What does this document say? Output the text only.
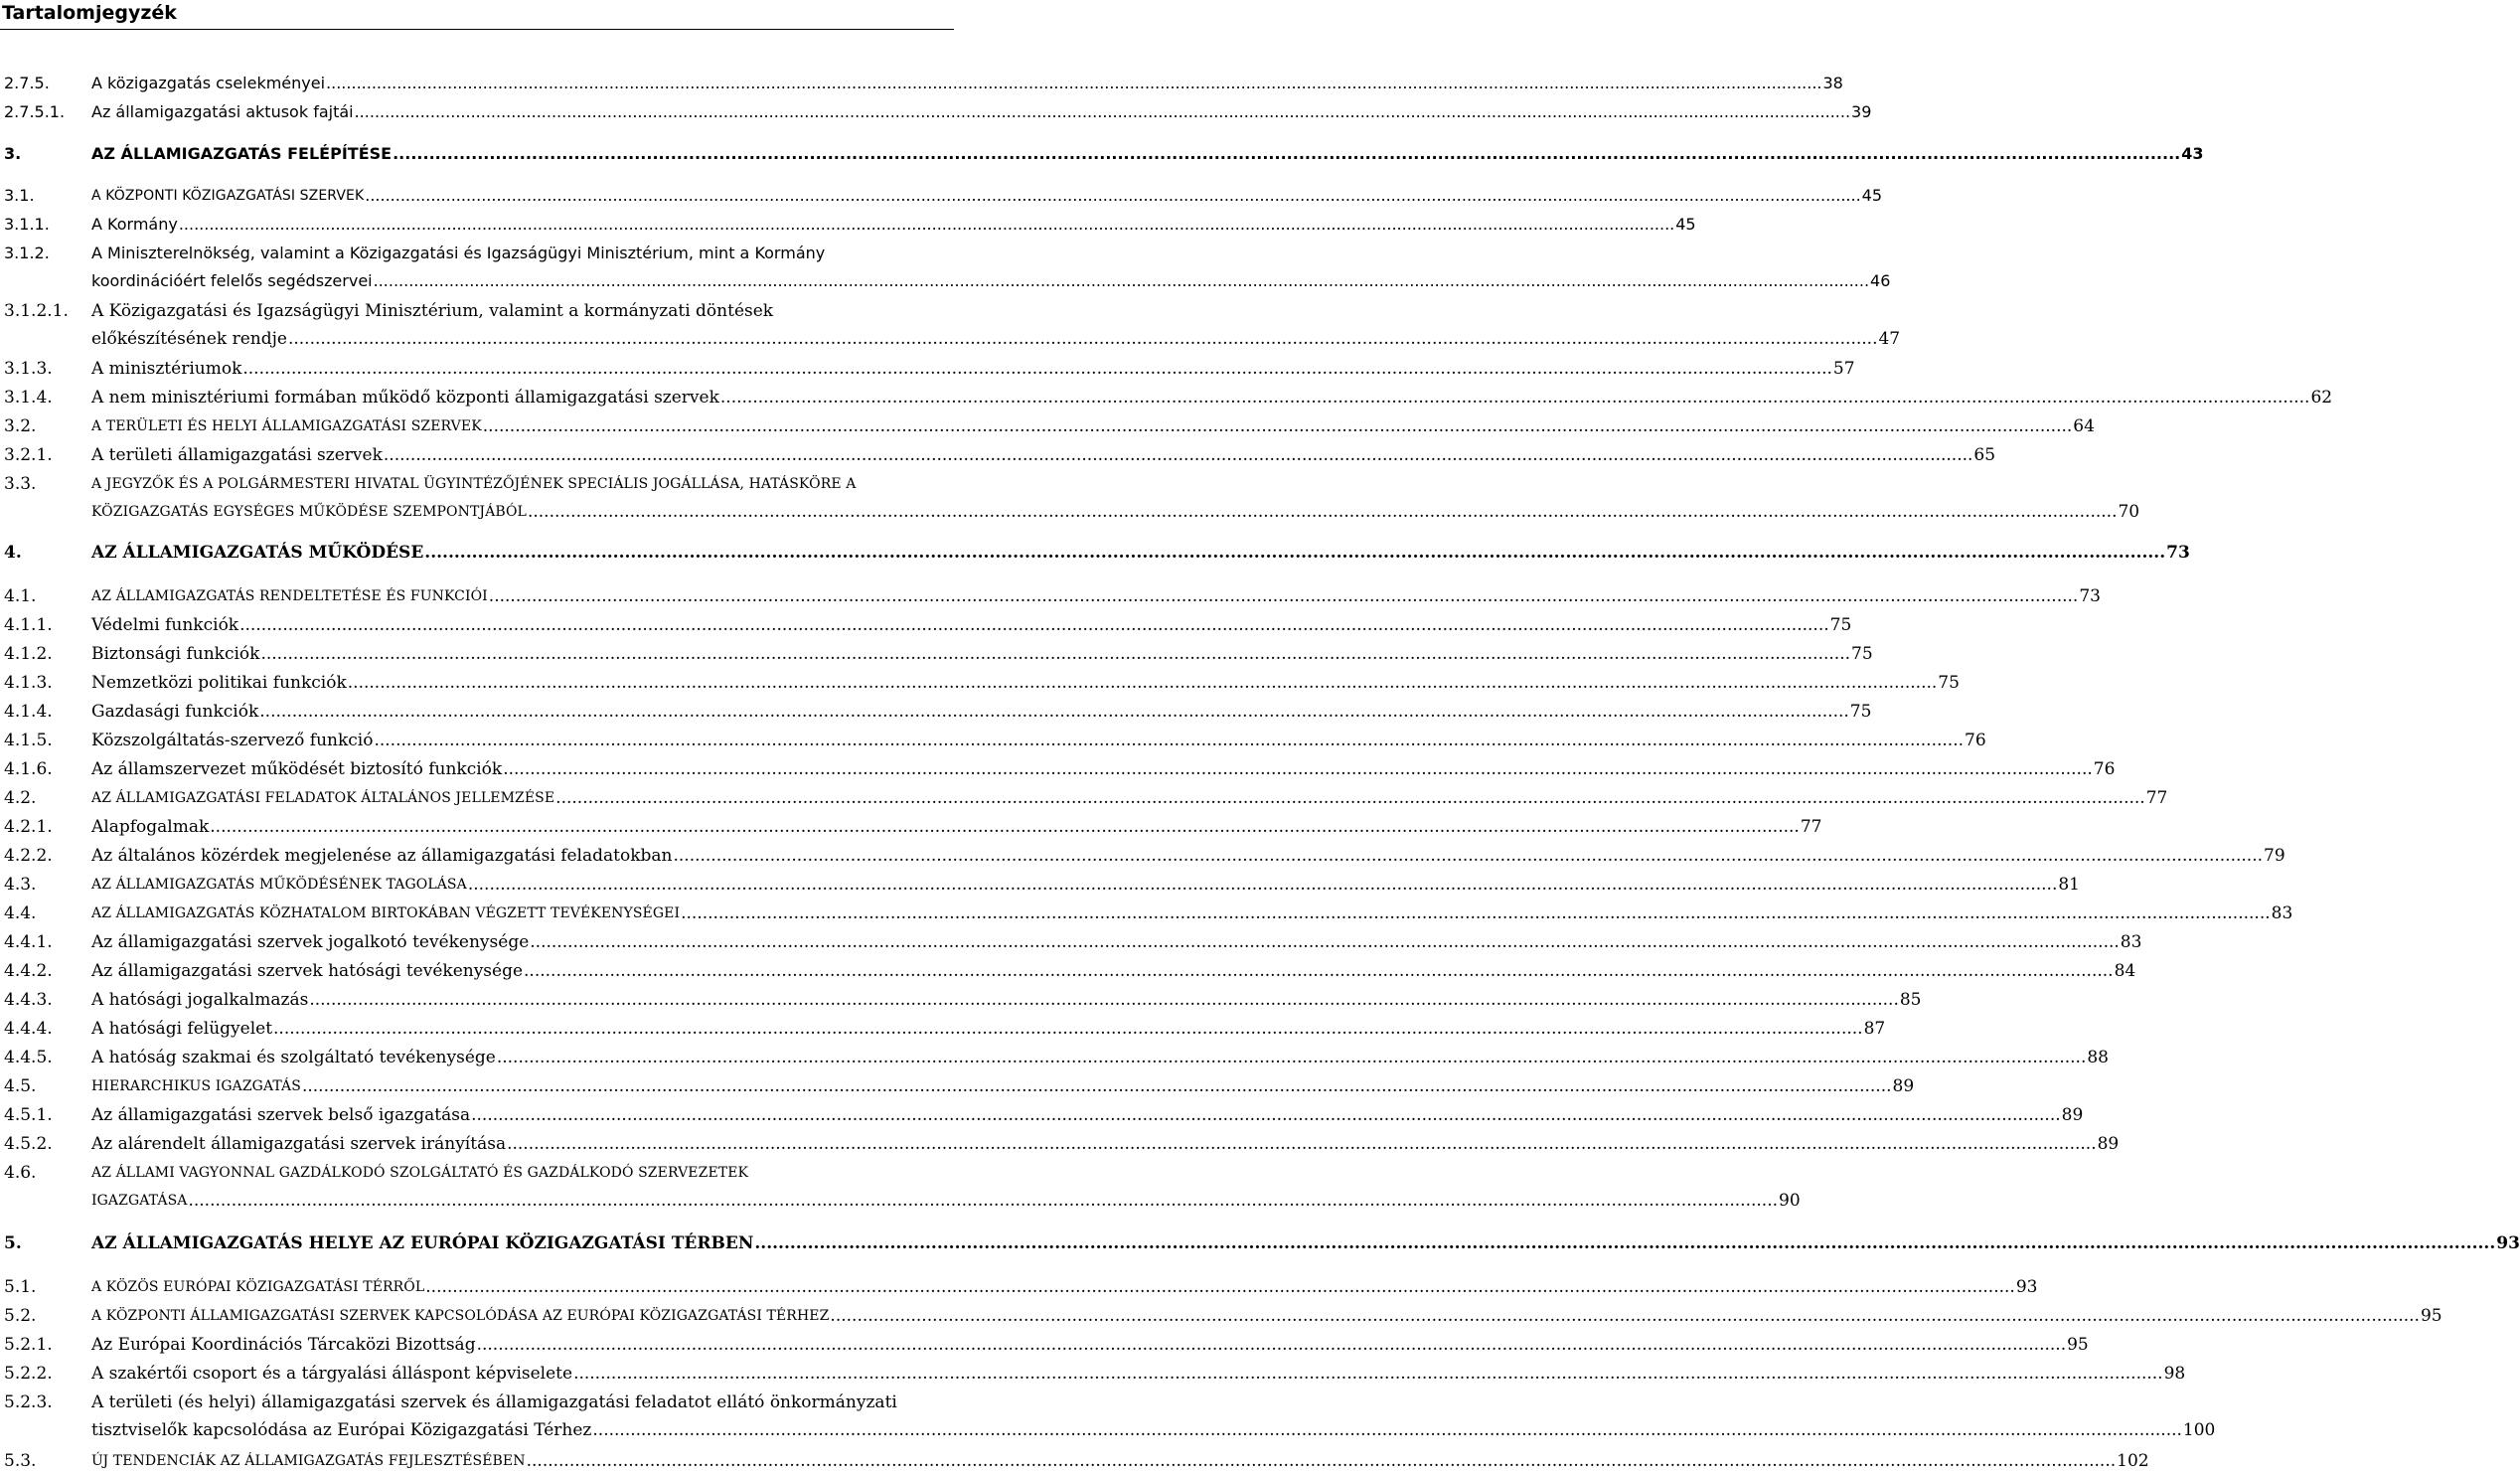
Tartalomjegyzék
2.7.5.	A közigazgatás cselekményei .....	38
2.7.5.1.	Az államigazgatási aktusok fajtái .....	39
3.	AZ ÁLLAMIGAZGATÁS FELÉPÍTÉSE .....	43
3.1.	A KÖZPONTI KÖZIGAZGATÁSI SZERVEK .....	45
3.1.1.	A Kormány .....	45
3.1.2.	A Miniszterelnökség, valamint a Közigazgatási és Igazságügyi Minisztérium, mint a Kormány
koordinációért felelős segédszervei .....	46
3.1.2.1.	A Közigazgatási és Igazságügyi Minisztérium, valamint a kormányzati döntések
előkészítésének rendje .....	47
3.1.3.	A minisztériumok .....	57
3.1.4.	A nem minisztériumi formában működő központi államigazgatási szervek .....	62
3.2.	A TERÜLETI ÉS HELYI ÁLLAMIGAZGATÁSI SZERVEK .....	64
3.2.1.	A területi államigazgatási szervek .....	65
3.3.	A JEGYZŐK ÉS A POLGÁRMESTERI HIVATAL ÜGYINTÉZŐJÉNEK SPECIÁLIS JOGÁLLÁSA, HATÁSKÖRE A
KÖZIGAZGATÁS EGYSÉGES MŰKÖDÉSE SZEMPONTJÁBÓL .....	70
4.	AZ ÁLLAMIGAZGATÁS MŰKÖDÉSE .....	73
4.1.	AZ ÁLLAMIGAZGATÁS RENDELTETÉSE ÉS FUNKCIÓI .....	73
4.1.1.	Védelmi funkciók .....	75
4.1.2.	Biztonsági funkciók .....	75
4.1.3.	Nemzetközi politikai funkciók .....	75
4.1.4.	Gazdasági funkciók .....	75
4.1.5.	Közszolgáltatás-szervező funkció .....	76
4.1.6.	Az államszervezet működését biztosító funkciók .....	76
4.2.	AZ ÁLLAMIGAZGATÁSI FELADATOK ÁLTALÁNOS JELLEMZÉSE .....	77
4.2.1.	Alapfogalmak .....	77
4.2.2.	Az általános közérdek megjelenése az államigazgatási feladatokban .....	79
4.3.	AZ ÁLLAMIGAZGATÁS MŰKÖDÉSÉNEK TAGOLÁSA .....	81
4.4.	AZ ÁLLAMIGAZGATÁS KÖZHATALOM BIRTOKÁBAN VÉGZETT TEVÉKENYSÉGEI .....	83
4.4.1.	Az államigazgatási szervek jogalkotó tevékenysége .....	83
4.4.2.	Az államigazgatási szervek hatósági tevékenysége .....	84
4.4.3.	A hatósági jogalkalmazás .....	85
4.4.4.	A hatósági felügyelet .....	87
4.4.5.	A hatóság szakmai és szolgáltató tevékenysége .....	88
4.5.	HIERARCHIKUS IGAZGATÁS .....	89
4.5.1.	Az államigazgatási szervek belső igazgatása .....	89
4.5.2.	Az alárendelt államigazgatási szervek irányítása .....	89
4.6.	AZ ÁLLAMI VAGYONNAL GAZDÁLKODÓ SZOLGÁLTATÓ ÉS GAZDÁLKODÓ SZERVEZETEK
IGAZGATÁSA .....	90
5.	AZ ÁLLAMIGAZGATÁS HELYE AZ EURÓPAI KÖZIGAZGATÁSI TÉRBEN .....	93
5.1.	A KÖZÖS EURÓPAI KÖZIGAZGATÁSI TÉRRŐL .....	93
5.2.	A KÖZPONTI ÁLLAMIGAZGATÁSI SZERVEK KAPCSOLÓDÁSA AZ EURÓPAI KÖZIGAZGATÁSI TÉRHEZ .....	95
5.2.1.	Az Európai Koordinációs Tárcaközi Bizottság .....	95
5.2.2.	A szakértői csoport és a tárgyalási álláspont képviselete .....	98
5.2.3.	A területi (és helyi) államigazgatási szervek és államigazgatási feladatot ellátó önkormányzati
tisztviselők kapcsolódása az Európai Közigazgatási Térhez .....	100
5.3.	ÚJ TENDENCIÁK AZ ÁLLAMIGAZGATÁS FEJLESZTÉSÉBEN .....	102
